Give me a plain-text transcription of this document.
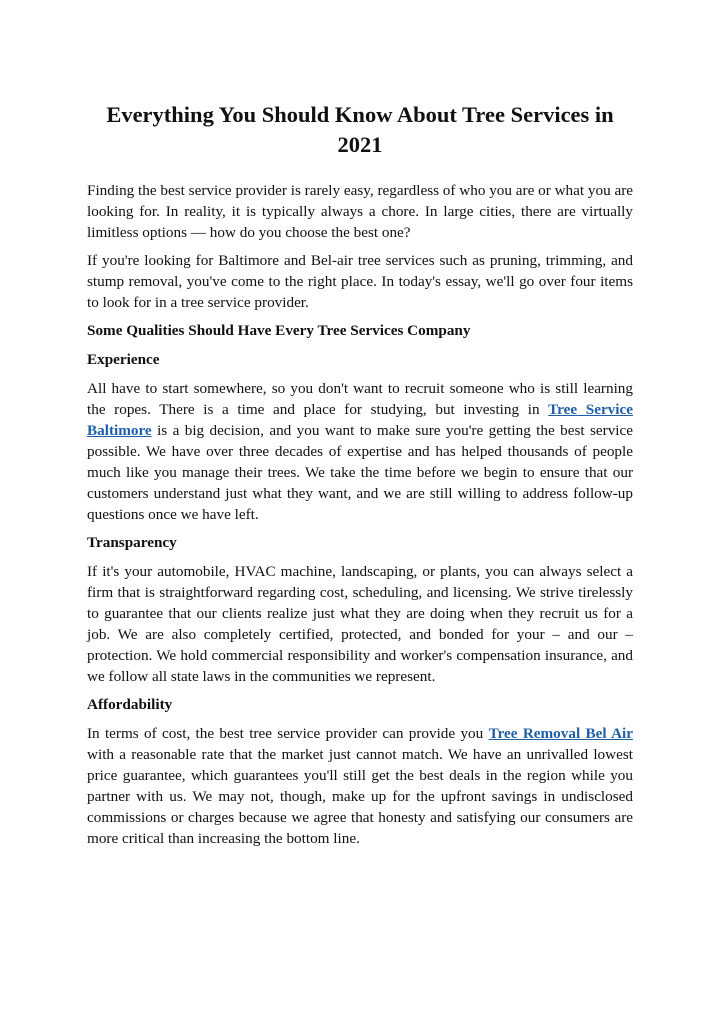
Everything You Should Know About Tree Services in 2021

Finding the best service provider is rarely easy, regardless of who you are or what you are looking for. In reality, it is typically always a chore. In large cities, there are virtually limitless options — how do you choose the best one?

If you're looking for Baltimore and Bel-air tree services such as pruning, trimming, and stump removal, you've come to the right place. In today's essay, we'll go over four items to look for in a tree service provider.

Some Qualities Should Have Every Tree Services Company

Experience

All have to start somewhere, so you don't want to recruit someone who is still learning the ropes. There is a time and place for studying, but investing in Tree Service Baltimore is a big decision, and you want to make sure you're getting the best service possible. We have over three decades of expertise and has helped thousands of people much like you manage their trees. We take the time before we begin to ensure that our customers understand just what they want, and we are still willing to address follow-up questions once we have left.

Transparency

If it's your automobile, HVAC machine, landscaping, or plants, you can always select a firm that is straightforward regarding cost, scheduling, and licensing. We strive tirelessly to guarantee that our clients realize just what they are doing when they recruit us for a job. We are also completely certified, protected, and bonded for your – and our – protection. We hold commercial responsibility and worker's compensation insurance, and we follow all state laws in the communities we represent.

Affordability

In terms of cost, the best tree service provider can provide you Tree Removal Bel Air with a reasonable rate that the market just cannot match. We have an unrivalled lowest price guarantee, which guarantees you'll still get the best deals in the region while you partner with us. We may not, though, make up for the upfront savings in undisclosed commissions or charges because we agree that honesty and satisfying our consumers are more critical than increasing the bottom line.
